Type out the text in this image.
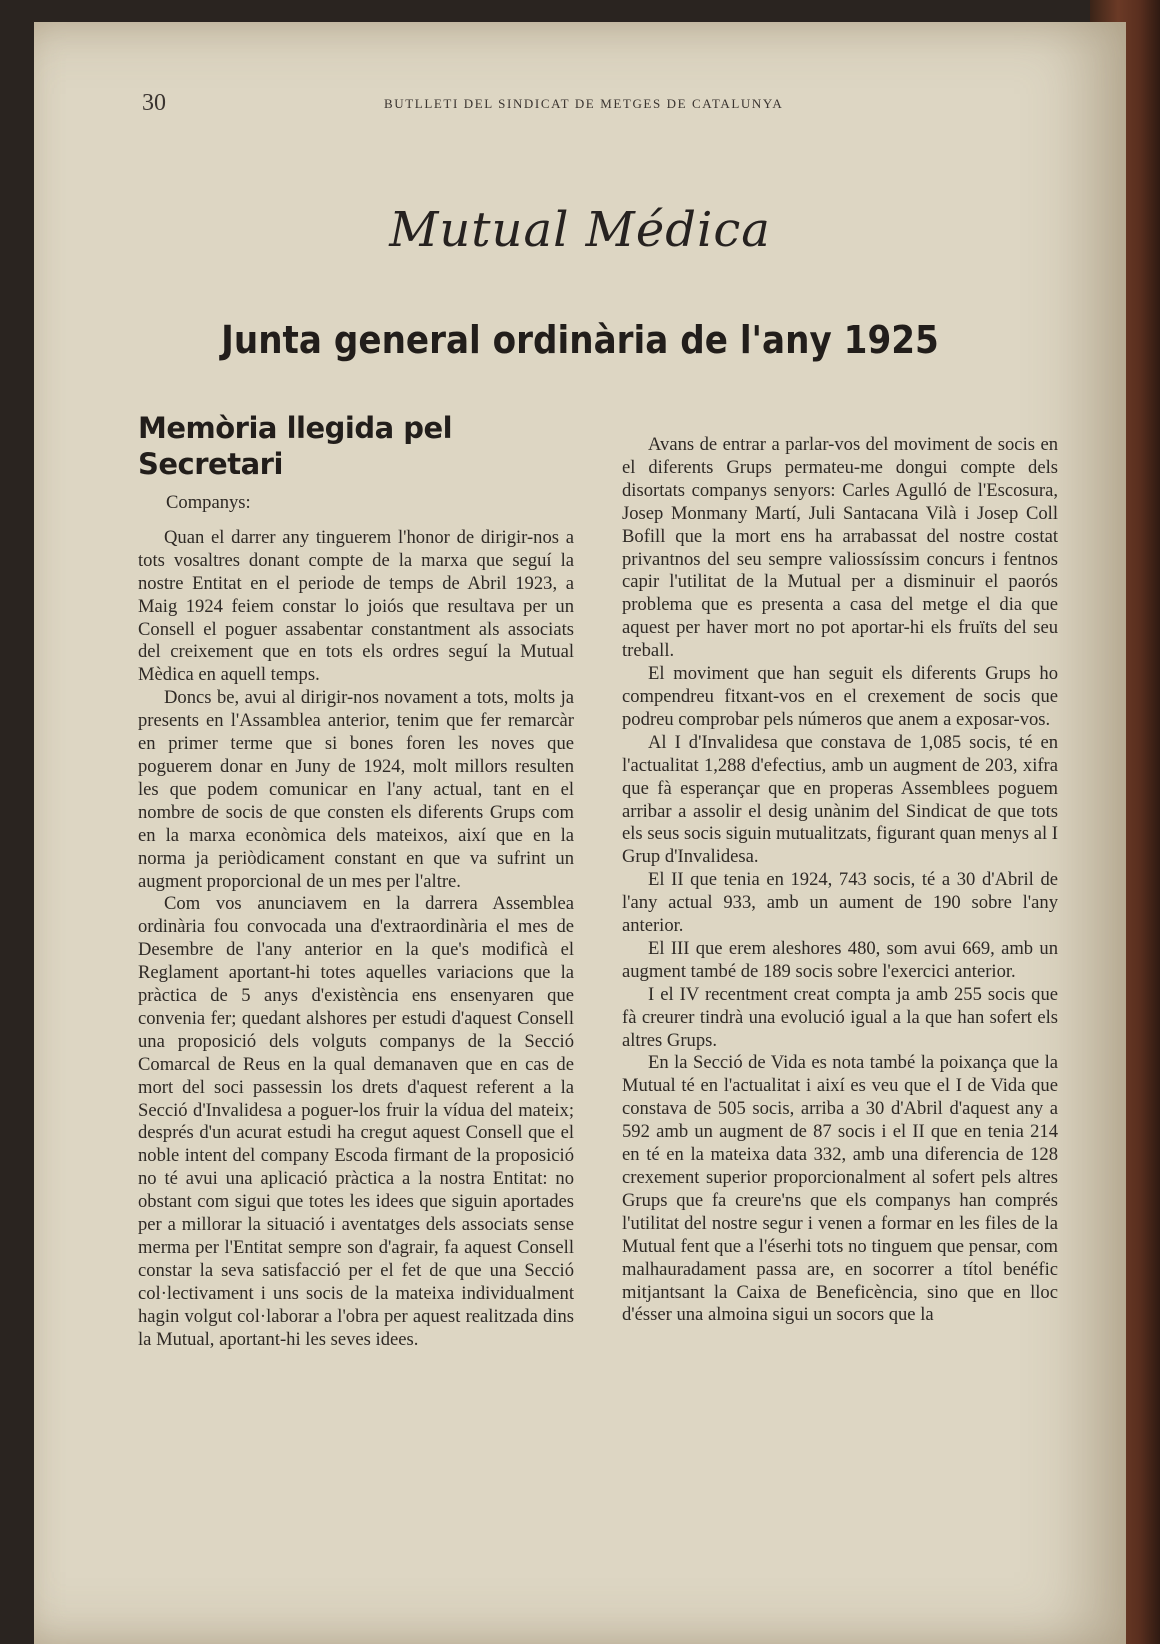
30	BUTLLETI DEL SINDICAT DE METGES DE CATALUNYA
Mutual Médica
Junta general ordinària de l'any 1925
Memòria llegida pel Secretari
Companys:

Quan el darrer any tinguerem l'honor de dirigir-nos a tots vosaltres donant compte de la marxa que seguí la nostre Entitat en el periode de temps de Abril 1923, a Maig 1924 feiem constar lo joiós que resultava per un Consell el poguer assabentar constantment als associats del creixement que en tots els ordres seguí la Mutual Mèdica en aquell temps.

Doncs be, avui al dirigir-nos novament a tots, molts ja presents en l'Assamblea anterior, tenim que fer remarcàr en primer terme que si bones foren les noves que poguerem donar en Juny de 1924, molt millors resulten les que podem comunicar en l'any actual, tant en el nombre de socis de que consten els diferents Grups com en la marxa econòmica dels mateixos, així que en la norma ja periòdicament constant en que va sufrint un augment proporcional de un mes per l'altre.

Com vos anunciavem en la darrera Assemblea ordinària fou convocada una d'extraordinària el mes de Desembre de l'any anterior en la que's modificà el Reglament aportant-hi totes aquelles variacions que la pràctica de 5 anys d'existència ens ensenyaren que convenia fer; quedant alshores per estudi d'aquest Consell una proposició dels volguts companys de la Secció Comarcal de Reus en la qual demanaven que en cas de mort del soci passessin los drets d'aquest referent a la Secció d'Invalidesa a poguer-los fruir la vídua del mateix; després d'un acurat estudi ha cregut aquest Consell que el noble intent del company Escoda firmant de la proposició no té avui una aplicació pràctica a la nostra Entitat: no obstant com sigui que totes les idees que siguin aportades per a millorar la situació i aventatges dels associats sense merma per l'Entitat sempre son d'agrair, fa aquest Consell constar la seva satisfacció per el fet de que una Secció col·lectivament i uns socis de la mateixa individualment hagin volgut col·laborar a l'obra per aquest realitzada dins la Mutual, aportant-hi les seves idees.

Avans de entrar a parlar-vos del moviment de socis en el diferents Grups permateu-me dongui compte dels disortats companys senyors: Carles Agulló de l'Escosura, Josep Monmany Martí, Juli Santacana Vilà i Josep Coll Bofill que la mort ens ha arrabassat del nostre costat privantnos del seu sempre valiossíssim concurs i fentnos capir l'utilitat de la Mutual per a disminuir el paorós problema que es presenta a casa del metge el dia que aquest per haver mort no pot aportar-hi els fruïts del seu treball.

El moviment que han seguit els diferents Grups ho compendreu fitxant-vos en el crexement de socis que podreu comprobar pels números que anem a exposar-vos.

Al I d'Invalidesa que constava de 1,085 socis, té en l'actualitat 1,288 d'efectius, amb un augment de 203, xifra que fà esperançar que en properas Assemblees poguem arribar a assolir el desig unànim del Sindicat de que tots els seus socis siguin mutualitzats, figurant quan menys al I Grup d'Invalidesa.

El II que tenia en 1924, 743 socis, té a 30 d'Abril de l'any actual 933, amb un aument de 190 sobre l'any anterior.

El III que erem aleshores 480, som avui 669, amb un augment també de 189 socis sobre l'exercici anterior.

I el IV recentment creat compta ja amb 255 socis que fà creurer tindrà una evolució igual a la que han sofert els altres Grups.

En la Secció de Vida es nota també la poixança que la Mutual té en l'actualitat i així es veu que el I de Vida que constava de 505 socis, arriba a 30 d'Abril d'aquest any a 592 amb un augment de 87 socis i el II que en tenia 214 en té en la mateixa data 332, amb una diferencia de 128 crexement superior proporcionalment al sofert pels altres Grups que fa creure'ns que els companys han comprés l'utilitat del nostre segur i venen a formar en les files de la Mutual fent que a l'éserhi tots no tinguem que pensar, com malhauradament passa are, en socorrer a títol benéfic mitjantsant la Caixa de Beneficència, sino que en lloc d'ésser una almoina sigui un socors que la
